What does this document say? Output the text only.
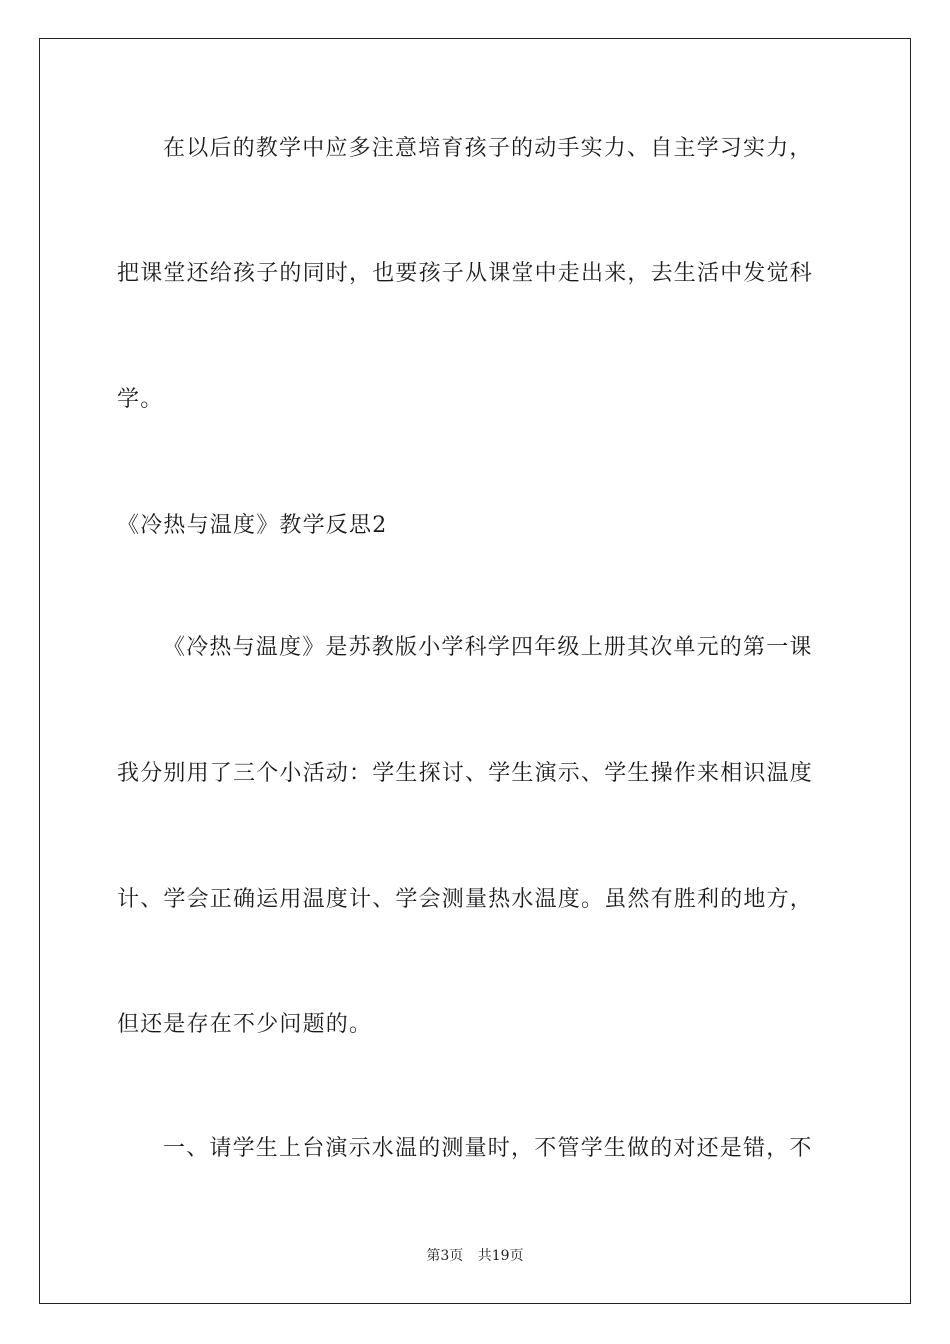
在以后的教学中应多注意培育孩子的动手实力、自主学习实力，
把课堂还给孩子的同时，也要孩子从课堂中走出来，去生活中发觉科
学。
《冷热与温度》教学反思2
《冷热与温度》是苏教版小学科学四年级上册其次单元的第一课
我分别用了三个小活动：学生探讨、学生演示、学生操作来相识温度
计、学会正确运用温度计、学会测量热水温度。虽然有胜利的地方，
但还是存在不少问题的。
一、请学生上台演示水温的测量时，不管学生做的对还是错，不
第3页 共19页
